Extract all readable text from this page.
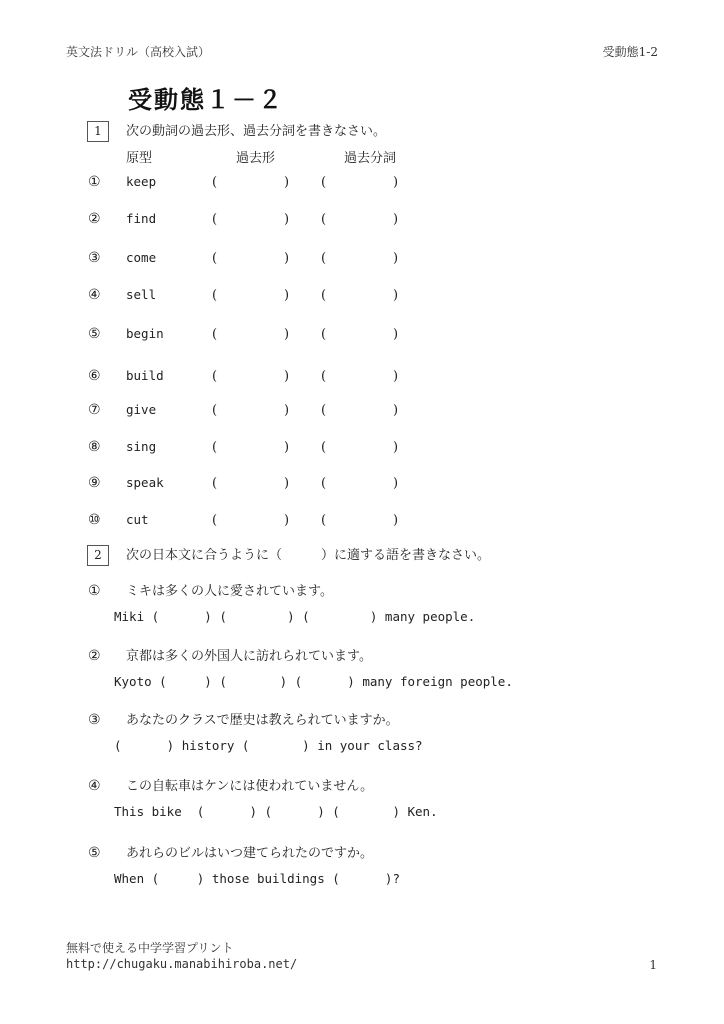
英文法ドリル（高校入試）	受動態1-2
受動態１－２
1	次の動詞の過去形、過去分詞を書きなさい。
原型	過去形	過去分詞
① keep	(	) (	)
② find	(	) (	)
③ come	(	) (	)
④ sell	(	) (	)
⑤ begin	(	) (	)
⑥ build	(	) (	)
⑦ give	(	) (	)
⑧ sing	(	) (	)
⑨ speak	(	) (	)
⑩ cut	(	) (	)
2	次の日本文に合うように（　　　）に適する語を書きなさい。
① ミキは多くの人に愛されています。
Miki (      ) (        ) (        ) many people.
② 京都は多くの外国人に訪れられています。
Kyoto (     ) (       ) (      ) many foreign people.
③ あなたのクラスで歴史は教えられていますか。
(      ) history (       ) in your class?
④ この自転車はケンには使われていません。
This bike  (      ) (      ) (       ) Ken.
⑤ あれらのビルはいつ建てられたのですか。
When (     ) those buildings (      )?
無料で使える中学学習プリント
http://chugaku.manabihiroba.net/	1
